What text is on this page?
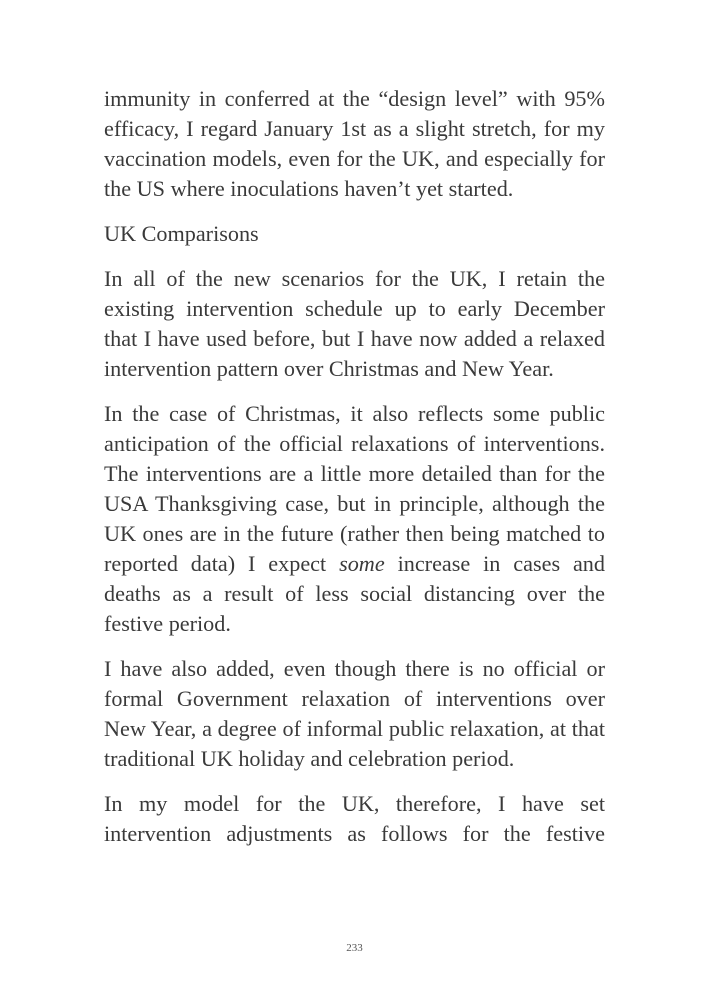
immunity in conferred at the “design level” with 95% efficacy, I regard January 1st as a slight stretch, for my vaccination models, even for the UK, and especially for the US where inoculations haven’t yet started.

UK Comparisons

In all of the new scenarios for the UK, I retain the existing intervention schedule up to early December that I have used before, but I have now added a relaxed intervention pattern over Christmas and New Year.

In the case of Christmas, it also reflects some public anticipation of the official relaxations of interventions. The interventions are a little more detailed than for the USA Thanksgiving case, but in principle, although the UK ones are in the future (rather then being matched to reported data) I expect some increase in cases and deaths as a result of less social distancing over the festive period.

I have also added, even though there is no official or formal Government relaxation of interventions over New Year, a degree of informal public relaxation, at that traditional UK holiday and celebration period.

In my model for the UK, therefore, I have set intervention adjustments as follows for the festive

233
